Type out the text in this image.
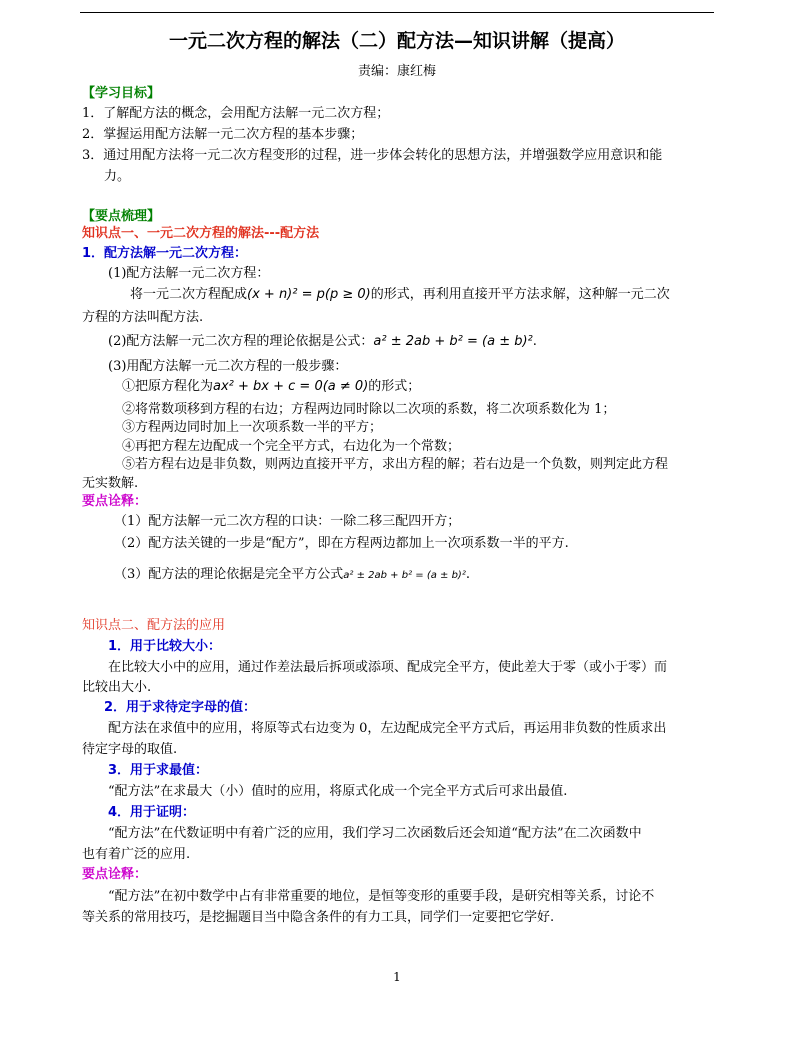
一元二次方程的解法（二）配方法—知识讲解（提高）
责编：康红梅
【学习目标】
1．了解配方法的概念，会用配方法解一元二次方程；
2．掌握运用配方法解一元二次方程的基本步骤；
3．通过用配方法将一元二次方程变形的过程，进一步体会转化的思想方法，并增强数学应用意识和能
力。
【要点梳理】
知识点一、一元二次方程的解法---配方法
1．配方法解一元二次方程：
(1)配方法解一元二次方程：
将一元二次方程配成(x + n)² = p(p ≥ 0)的形式，再利用直接开平方法求解，这种解一元二次
方程的方法叫配方法.
(2)配方法解一元二次方程的理论依据是公式：a² ± 2ab + b² = (a ± b)².
(3)用配方法解一元二次方程的一般步骤：
①把原方程化为ax² + bx + c = 0(a ≠ 0)的形式；
②将常数项移到方程的右边；方程两边同时除以二次项的系数，将二次项系数化为 1；
③方程两边同时加上一次项系数一半的平方；
④再把方程左边配成一个完全平方式，右边化为一个常数；
⑤若方程右边是非负数，则两边直接开平方，求出方程的解；若右边是一个负数，则判定此方程
无实数解.
要点诠释：
（1）配方法解一元二次方程的口诀：一除二移三配四开方；
（2）配方法关键的一步是“配方”，即在方程两边都加上一次项系数一半的平方.
（3）配方法的理论依据是完全平方公式a² ± 2ab + b² = (a ± b)².
知识点二、配方法的应用
1．用于比较大小：
在比较大小中的应用，通过作差法最后拆项或添项、配成完全平方，使此差大于零（或小于零）而
比较出大小.
2．用于求待定字母的值：
配方法在求值中的应用，将原等式右边变为 0，左边配成完全平方式后，再运用非负数的性质求出
待定字母的取值.
3．用于求最值：
“配方法”在求最大（小）值时的应用，将原式化成一个完全平方式后可求出最值.
4．用于证明：
“配方法”在代数证明中有着广泛的应用，我们学习二次函数后还会知道“配方法”在二次函数中
也有着广泛的应用.
要点诠释：
“配方法”在初中数学中占有非常重要的地位，是恒等变形的重要手段，是研究相等关系，讨论不
等关系的常用技巧，是挖掘题目当中隐含条件的有力工具，同学们一定要把它学好.
1
